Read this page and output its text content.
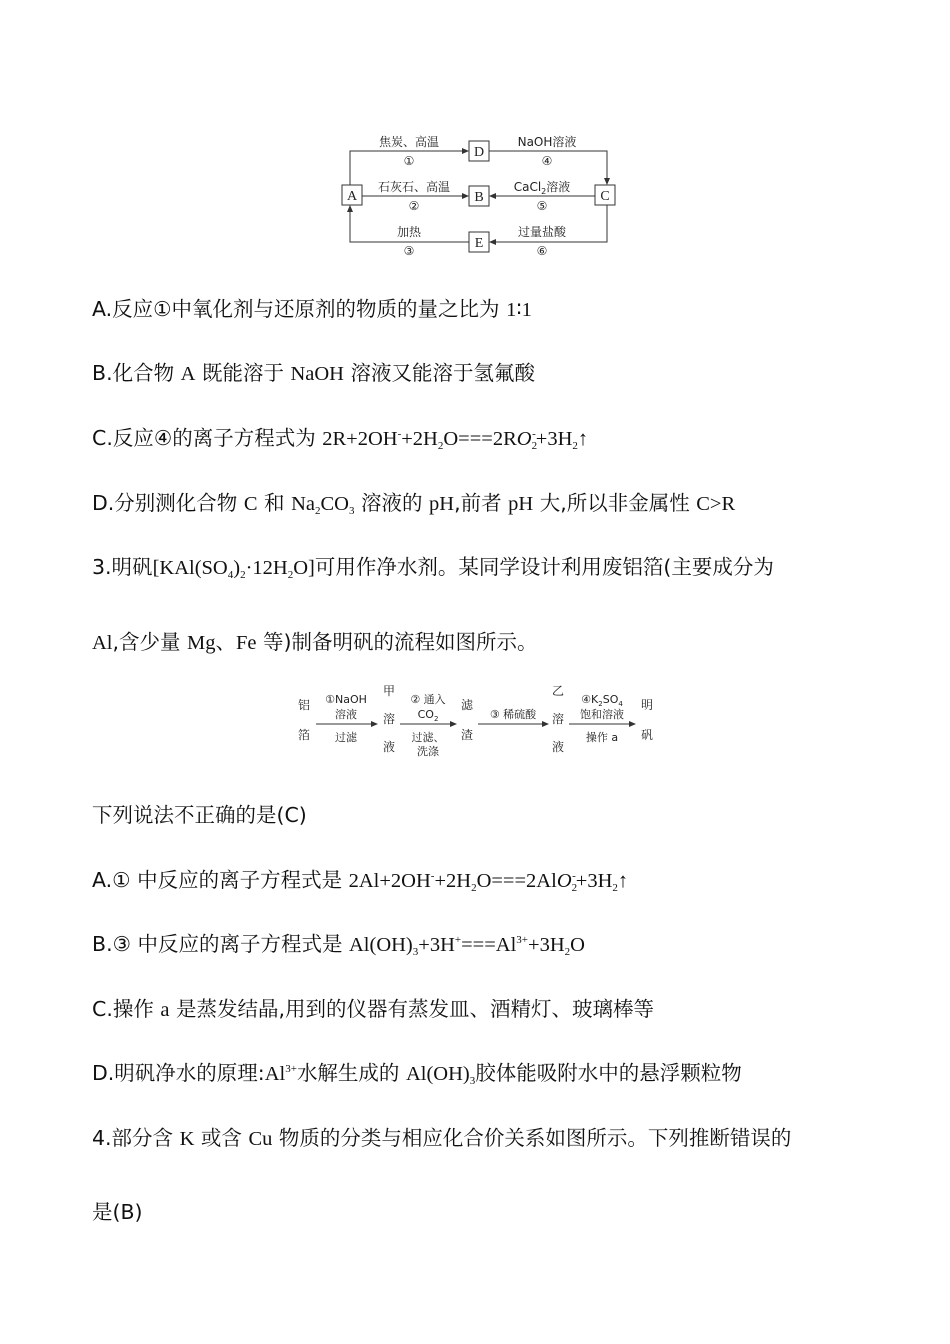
A
D
B	C
E
焦炭、高温
①
NaOH溶液
④
石灰石、高温
②
CaCl$_2$溶液
⑤
加热
③
过量盐酸
⑥
A.反应①中氧化剂与还原剂的物质的量之比为 1∶1
B.化合物 A 既能溶于 NaOH 溶液又能溶于氢氟酸
C.反应④的离子方程式为 $2R+2OH^-+2H_2O===2RO_2^-+3H_2↑$
D.分别测化合物 C 和 $Na_2CO_3$ 溶液的 pH,前者 pH 大,所以非金属性 C>R
3.明矾$[KAl(SO_4)_2\cdot 12H_2O]$可用作净水剂。某同学设计利用废铝箔(主要成分为
Al,含少量 Mg、Fe 等)制备明矾的流程如图所示。
铝
箔
①NaOH
溶液
过滤
甲
溶
液
② 通入
$CO_2$
过滤、
洗涤
滤
渣
③ 稀硫酸
乙
溶
液
$④K_2SO_4$
饱和溶液
操作 a
明
矾
下列说法不正确的是(C)
A.① 中反应的离子方程式是 $2Al+2OH^-+2H_2O===2AlO_2^-+3H_2↑$
B.③ 中反应的离子方程式是 $Al(OH)_3+3H^+===Al^{3+}+3H_2O$
C.操作 a 是蒸发结晶,用到的仪器有蒸发皿、酒精灯、玻璃棒等
D.明矾净水的原理$:Al^{3+}$水解生成的 $Al(OH)_3$胶体能吸附水中的悬浮颗粒物
4.部分含 K 或含 Cu 物质的分类与相应化合价关系如图所示。下列推断错误的
是(B)
